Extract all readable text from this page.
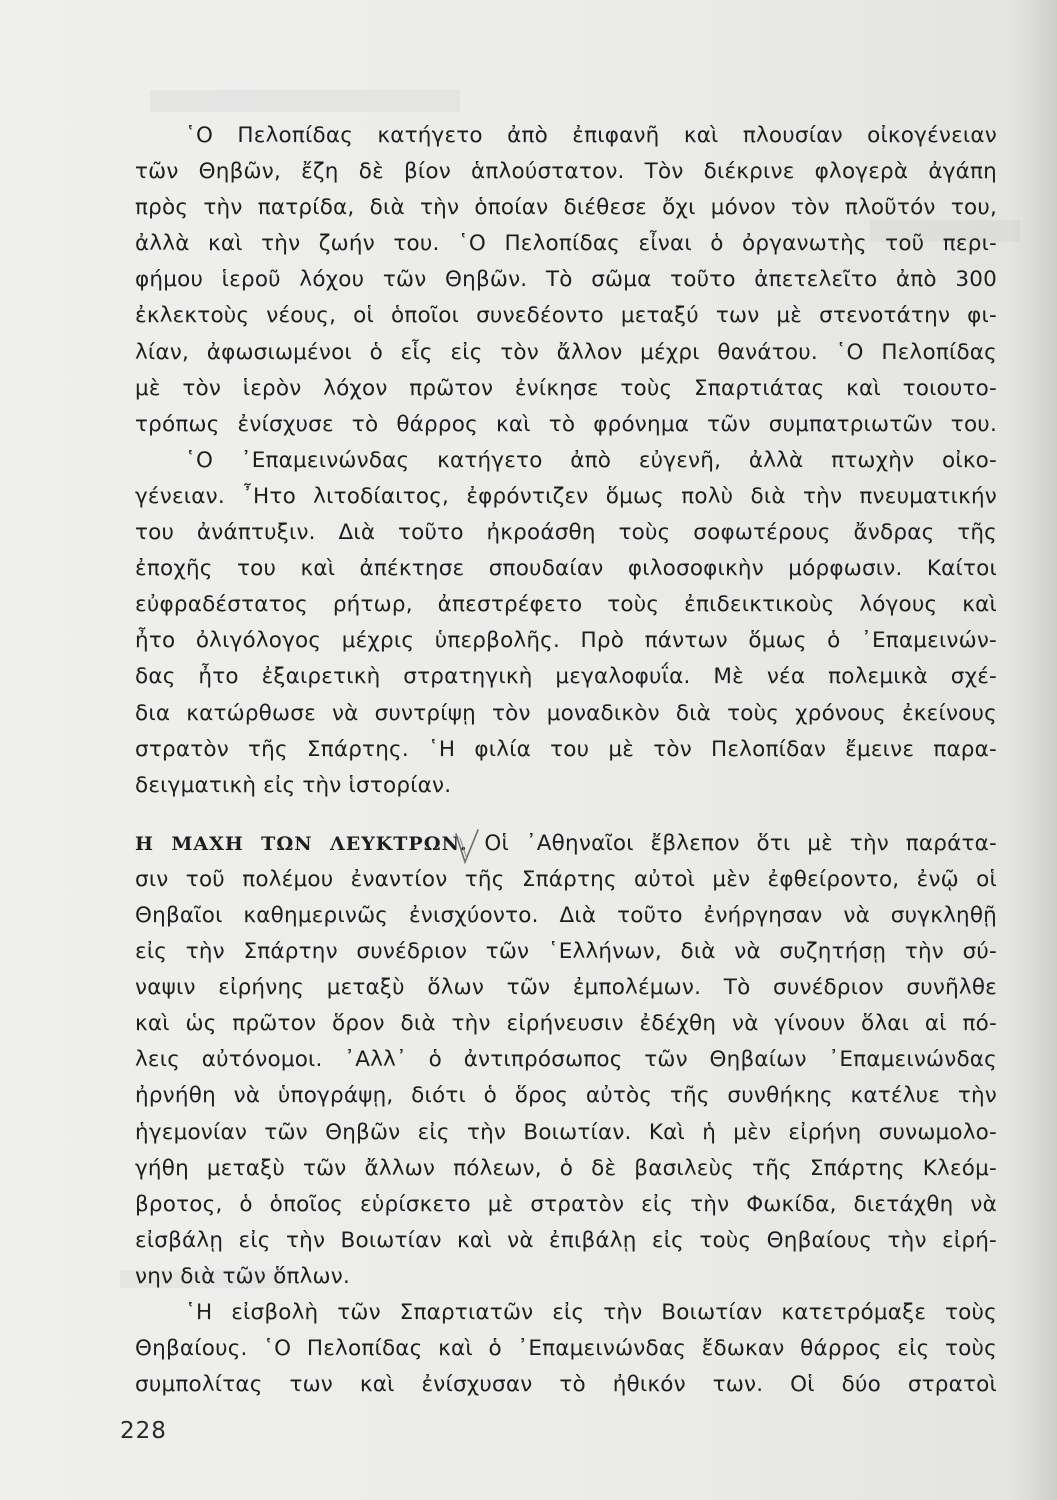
῾Ο Πελοπίδας κατήγετο ἀπὸ ἐπιφανῆ καὶ πλουσίαν οἰκογένειαν
τῶν Θηβῶν, ἔζη δὲ βίον ἁπλούστατον. Τὸν διέκρινε φλογερὰ ἀγάπη
πρὸς τὴν πατρίδα, διὰ τὴν ὁποίαν διέθεσε ὄχι μόνον τὸν πλοῦτόν του,
ἀλλὰ καὶ τὴν ζωήν του. ῾Ο Πελοπίδας εἶναι ὁ ὀργανωτὴς τοῦ περι-
φήμου ἱεροῦ λόχου τῶν Θηβῶν. Τὸ σῶμα τοῦτο ἀπετελεῖτο ἀπὸ 300
ἐκλεκτοὺς νέους, οἱ ὁποῖοι συνεδέοντο μεταξύ των μὲ στενοτάτην φι-
λίαν, ἀφωσιωμένοι ὁ εἷς εἰς τὸν ἄλλον μέχρι θανάτου. ῾Ο Πελοπίδας
μὲ τὸν ἱερὸν λόχον πρῶτον ἐνίκησε τοὺς Σπαρτιάτας καὶ τοιουτο-
τρόπως ἐνίσχυσε τὸ θάρρος καὶ τὸ φρόνημα τῶν συμπατριωτῶν του.
῾Ο ᾿Επαμεινώνδας κατήγετο ἀπὸ εὐγενῆ, ἀλλὰ πτωχὴν οἰκο-
γένειαν. ῏Ητο λιτοδίαιτος, ἐφρόντιζεν ὅμως πολὺ διὰ τὴν πνευματικήν
του ἀνάπτυξιν. Διὰ τοῦτο ἠκροάσθη τοὺς σοφωτέρους ἄνδρας τῆς
ἐποχῆς του καὶ ἀπέκτησε σπουδαίαν φιλοσοφικὴν μόρφωσιν. Καίτοι
εὐφραδέστατος ρήτωρ, ἀπεστρέφετο τοὺς ἐπιδεικτικοὺς λόγους καὶ
ἦτο ὀλιγόλογος μέχρις ὑπερβολῆς. Πρὸ πάντων ὅμως ὁ ᾿Επαμεινών-
δας ἦτο ἐξαιρετικὴ στρατηγικὴ μεγαλοφυΐα. Μὲ νέα πολεμικὰ σχέ-
δια κατώρθωσε νὰ συντρίψῃ τὸν μοναδικὸν διὰ τοὺς χρόνους ἐκείνους
στρατὸν τῆς Σπάρτης. ῾Η φιλία του μὲ τὸν Πελοπίδαν ἔμεινε παρα-
δειγματικὴ εἰς τὴν ἱστορίαν.
Η ΜΑΧΗ ΤΩΝ ΛΕΥΚΤΡΩΝ. Οἱ ᾿Αθηναῖοι ἔβλεπον ὅτι μὲ τὴν παράτα-
σιν τοῦ πολέμου ἐναντίον τῆς Σπάρτης αὐτοὶ μὲν ἐφθείροντο, ἐνῷ οἱ
Θηβαῖοι καθημερινῶς ἐνισχύοντο. Διὰ τοῦτο ἐνήργησαν νὰ συγκληθῇ
εἰς τὴν Σπάρτην συνέδριον τῶν ῾Ελλήνων, διὰ νὰ συζητήσῃ τὴν σύ-
ναψιν εἰρήνης μεταξὺ ὅλων τῶν ἐμπολέμων. Τὸ συνέδριον συνῆλθε
καὶ ὡς πρῶτον ὅρον διὰ τὴν εἰρήνευσιν ἐδέχθη νὰ γίνουν ὅλαι αἱ πό-
λεις αὐτόνομοι. ᾿Αλλ᾿ ὁ ἀντιπρόσωπος τῶν Θηβαίων ᾿Επαμεινώνδας
ἠρνήθη νὰ ὑπογράψῃ, διότι ὁ ὅρος αὐτὸς τῆς συνθήκης κατέλυε τὴν
ἡγεμονίαν τῶν Θηβῶν εἰς τὴν Βοιωτίαν. Καὶ ἡ μὲν εἰρήνη συνωμολο-
γήθη μεταξὺ τῶν ἄλλων πόλεων, ὁ δὲ βασιλεὺς τῆς Σπάρτης Κλεόμ-
βροτος, ὁ ὁποῖος εὑρίσκετο μὲ στρατὸν εἰς τὴν Φωκίδα, διετάχθη νὰ
εἰσβάλῃ εἰς τὴν Βοιωτίαν καὶ νὰ ἐπιβάλῃ εἰς τοὺς Θηβαίους τὴν εἰρή-
νην διὰ τῶν ὅπλων.
῾Η εἰσβολὴ τῶν Σπαρτιατῶν εἰς τὴν Βοιωτίαν κατετρόμαξε τοὺς
Θηβαίους. ῾Ο Πελοπίδας καὶ ὁ ᾿Επαμεινώνδας ἔδωκαν θάρρος εἰς τοὺς
συμπολίτας των καὶ ἐνίσχυσαν τὸ ἠθικόν των. Οἱ δύο στρατοὶ
228
